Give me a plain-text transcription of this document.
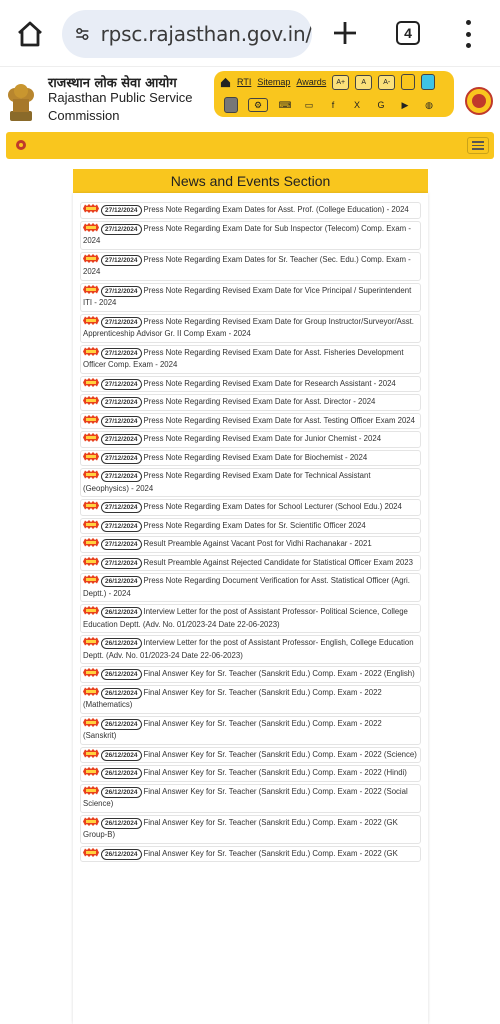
rpsc.rajasthan.gov.in/	4
राजस्थान लोक सेवा आयोग
Rajasthan Public Service
Commission
RTI Sitemap Awards	A+	A	A-
⚙	⌨	▭	f	X	G	▶	◍
News and Events Section
27/12/2024 Press Note Regarding Exam Dates for Asst. Prof. (College Education) - 2024
27/12/2024 Press Note Regarding Exam Date for Sub Inspector (Telecom) Comp. Exam - 2024
27/12/2024 Press Note Regarding Exam Dates for Sr. Teacher (Sec. Edu.) Comp. Exam - 2024
27/12/2024 Press Note Regarding Revised Exam Date for Vice Principal / Superintendent ITI - 2024
27/12/2024 Press Note Regarding Revised Exam Date for Group Instructor/Surveyor/Asst. Apprenticeship Advisor Gr. II Comp Exam - 2024
27/12/2024 Press Note Regarding Revised Exam Date for Asst. Fisheries Development Officer Comp. Exam - 2024
27/12/2024 Press Note Regarding Revised Exam Date for Research Assistant - 2024
27/12/2024 Press Note Regarding Revised Exam Date for Asst. Director - 2024
27/12/2024 Press Note Regarding Revised Exam Date for Asst. Testing Officer Exam 2024
27/12/2024 Press Note Regarding Revised Exam Date for Junior Chemist - 2024
27/12/2024 Press Note Regarding Revised Exam Date for Biochemist - 2024
27/12/2024 Press Note Regarding Revised Exam Date for Technical Assistant (Geophysics) - 2024
27/12/2024 Press Note Regarding Exam Dates for School Lecturer (School Edu.) 2024
27/12/2024 Press Note Regarding Exam Dates for Sr. Scientific Officer 2024
27/12/2024 Result Preamble Against Vacant Post for Vidhi Rachanakar - 2021
27/12/2024 Result Preamble Against Rejected Candidate for Statistical Officer Exam 2023
26/12/2024 Press Note Regarding Document Verification for Asst. Statistical Officer (Agri. Deptt.) - 2024
26/12/2024 Interview Letter for the post of Assistant Professor- Political Science, College Education Deptt. (Adv. No. 01/2023-24 Date 22-06-2023)
26/12/2024 Interview Letter for the post of Assistant Professor- English, College Education Deptt. (Adv. No. 01/2023-24 Date 22-06-2023)
26/12/2024 Final Answer Key for Sr. Teacher (Sanskrit Edu.) Comp. Exam - 2022 (English)
26/12/2024 Final Answer Key for Sr. Teacher (Sanskrit Edu.) Comp. Exam - 2022 (Mathematics)
26/12/2024 Final Answer Key for Sr. Teacher (Sanskrit Edu.) Comp. Exam - 2022 (Sanskrit)
26/12/2024 Final Answer Key for Sr. Teacher (Sanskrit Edu.) Comp. Exam - 2022 (Science)
26/12/2024 Final Answer Key for Sr. Teacher (Sanskrit Edu.) Comp. Exam - 2022 (Hindi)
26/12/2024 Final Answer Key for Sr. Teacher (Sanskrit Edu.) Comp. Exam - 2022 (Social Science)
26/12/2024 Final Answer Key for Sr. Teacher (Sanskrit Edu.) Comp. Exam - 2022 (GK Group-B)
26/12/2024 Final Answer Key for Sr. Teacher (Sanskrit Edu.) Comp. Exam - 2022 (GK
